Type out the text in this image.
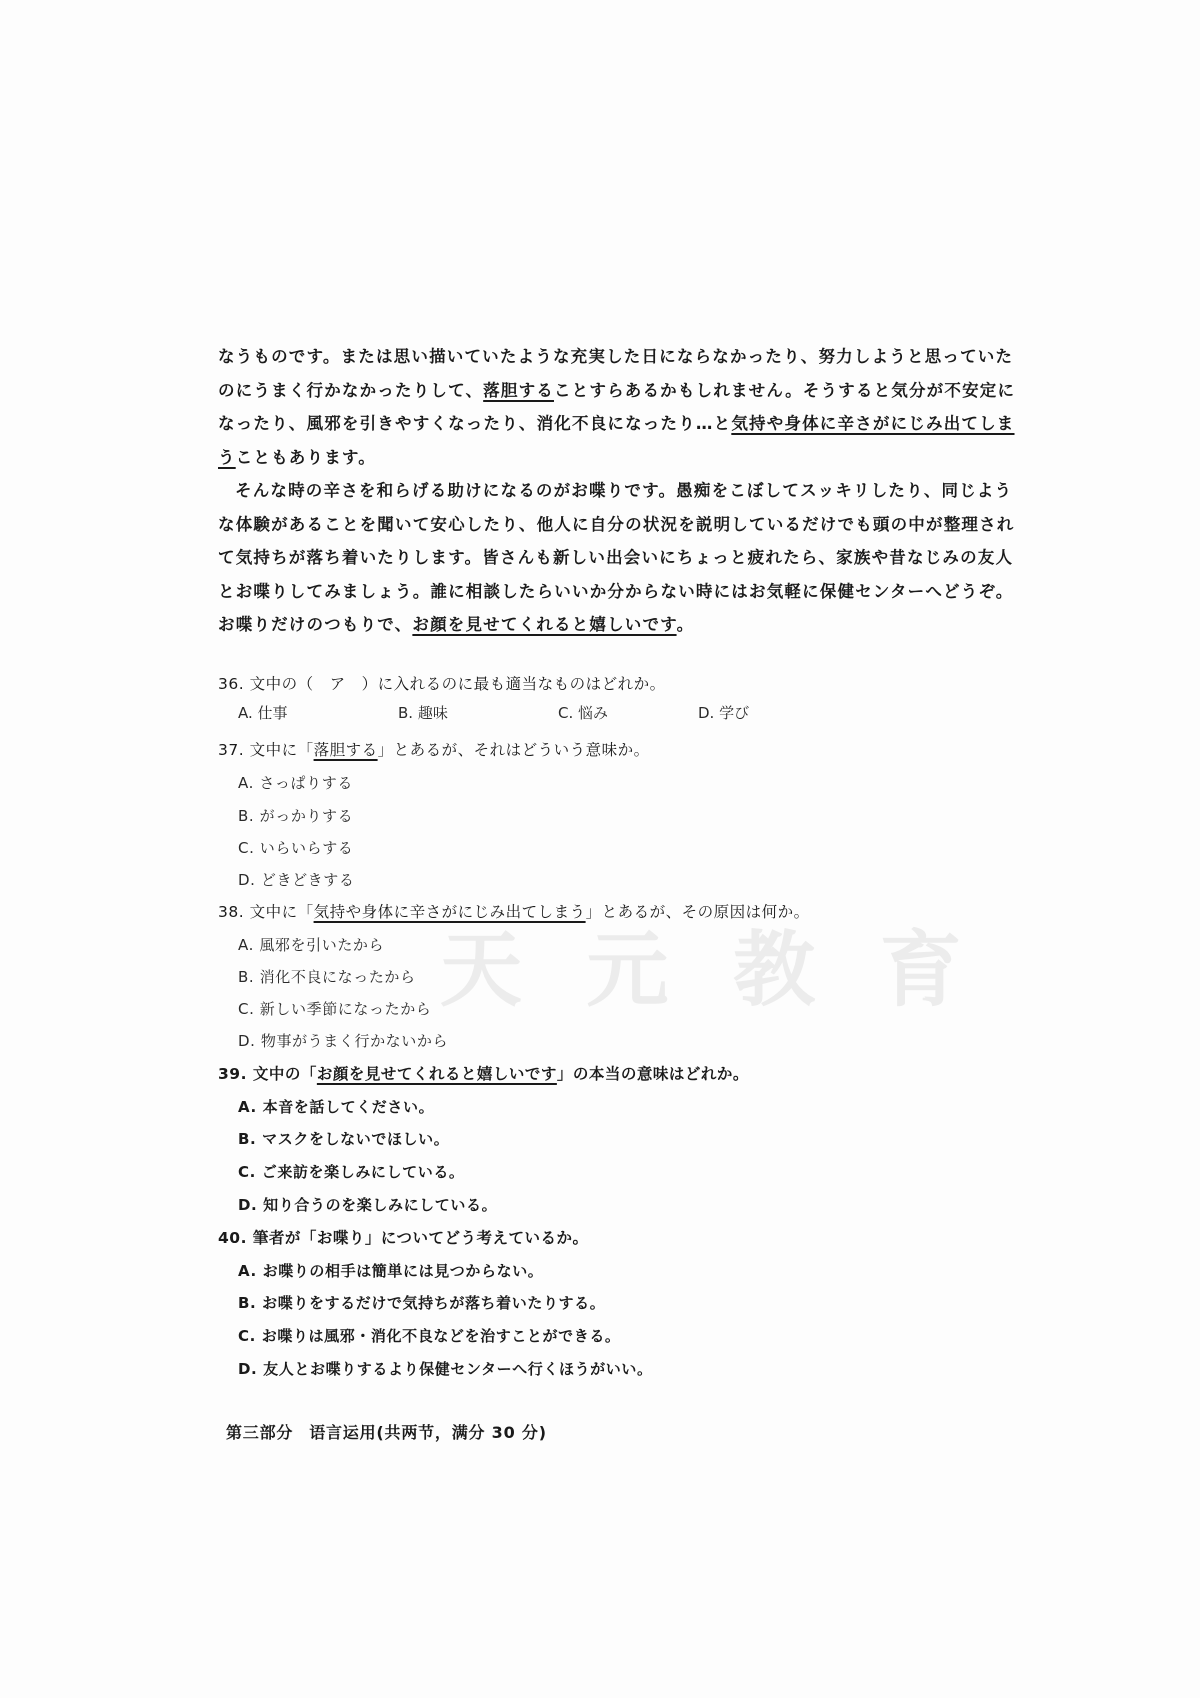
天 元 教 育

なうものです。または思い描いていたような充実した日にならなかったり、努力しようと思っていた

のにうまく行かなかったりして、落胆することすらあるかもしれません。そうすると気分が不安定に

なったり、風邪を引きやすくなったり、消化不良になったり…と気持や身体に辛さがにじみ出てしま

うこともあります。

そんな時の辛さを和らげる助けになるのがお喋りです。愚痴をこぼしてスッキリしたり、同じよう

な体験があることを聞いて安心したり、他人に自分の状況を説明しているだけでも頭の中が整理され

て気持ちが落ち着いたりします。皆さんも新しい出会いにちょっと疲れたら、家族や昔なじみの友人

とお喋りしてみましょう。誰に相談したらいいか分からない時にはお気軽に保健センターへどうぞ。

お喋りだけのつもりで、お顔を見せてくれると嬉しいです。

36. 文中の（　ア　）に入れるのに最も適当なものはどれか。
A. 仕事	B. 趣味	C. 悩み	D. 学び
37. 文中に「落胆する」とあるが、それはどういう意味か。
A. さっぱりする
B. がっかりする
C. いらいらする
D. どきどきする
38. 文中に「気持や身体に辛さがにじみ出てしまう」とあるが、その原因は何か。
A. 風邪を引いたから
B. 消化不良になったから
C. 新しい季節になったから
D. 物事がうまく行かないから
39. 文中の「お顔を見せてくれると嬉しいです」の本当の意味はどれか。
A. 本音を話してください。
B. マスクをしないでほしい。
C. ご来訪を楽しみにしている。
D. 知り合うのを楽しみにしている。
40. 筆者が「お喋り」についてどう考えているか。
A. お喋りの相手は簡単には見つからない。
B. お喋りをするだけで気持ちが落ち着いたりする。
C. お喋りは風邪・消化不良などを治すことができる。
D. 友人とお喋りするより保健センターへ行くほうがいい。
第三部分 语言运用(共两节，满分 30 分)
